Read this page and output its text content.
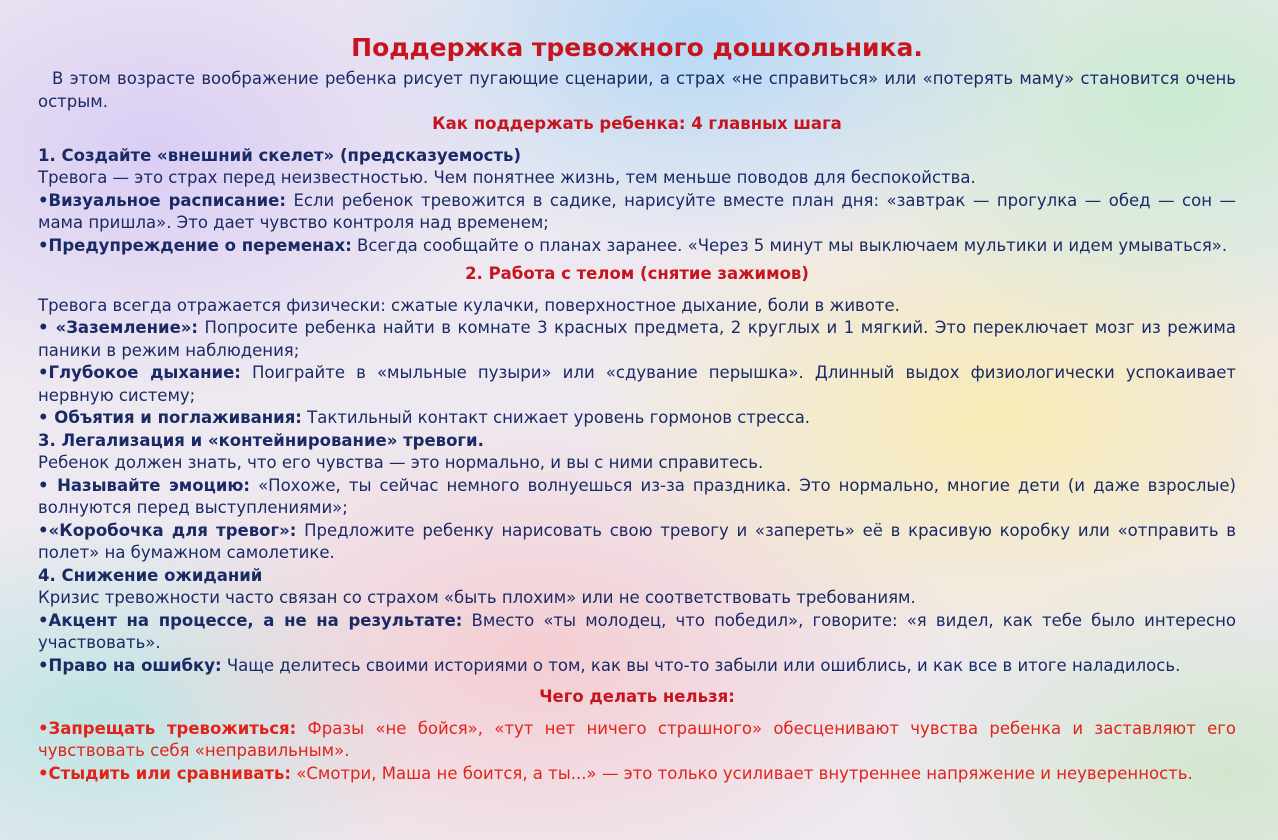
Поддержка тревожного дошкольника.

В этом возрасте воображение ребенка рисует пугающие сценарии, а страх «не справиться» или «потерять маму» становится очень острым.

Как поддержать ребенка: 4 главных шага

1. Создайте «внешний скелет» (предсказуемость)

Тревога — это страх перед неизвестностью. Чем понятнее жизнь, тем меньше поводов для беспокойства.

•Визуальное расписание: Если ребенок тревожится в садике, нарисуйте вместе план дня: «завтрак — прогулка — обед — сон — мама пришла». Это дает чувство контроля над временем;

•Предупреждение о переменах: Всегда сообщайте о планах заранее. «Через 5 минут мы выключаем мультики и идем умываться».

2. Работа с телом (снятие зажимов)

Тревога всегда отражается физически: сжатые кулачки, поверхностное дыхание, боли в животе.

• «Заземление»: Попросите ребенка найти в комнате 3 красных предмета, 2 круглых и 1 мягкий. Это переключает мозг из режима паники в режим наблюдения;

•Глубокое дыхание: Поиграйте в «мыльные пузыри» или «сдувание перышка». Длинный выдох физиологически успокаивает нервную систему;

• Объятия и поглаживания: Тактильный контакт снижает уровень гормонов стресса.

3. Легализация и «контейнирование» тревоги.

Ребенок должен знать, что его чувства — это нормально, и вы с ними справитесь.

• Называйте эмоцию: «Похоже, ты сейчас немного волнуешься из-за праздника. Это нормально, многие дети (и даже взрослые) волнуются перед выступлениями»;

•«Коробочка для тревог»: Предложите ребенку нарисовать свою тревогу и «запереть» её в красивую коробку или «отправить в полет» на бумажном самолетике.

4. Снижение ожиданий

Кризис тревожности часто связан со страхом «быть плохим» или не соответствовать требованиям.

•Акцент на процессе, а не на результате: Вместо «ты молодец, что победил», говорите: «я видел, как тебе было интересно участвовать».

•Право на ошибку: Чаще делитесь своими историями о том, как вы что-то забыли или ошиблись, и как все в итоге наладилось.

Чего делать нельзя:

•Запрещать тревожиться: Фразы «не бойся», «тут нет ничего страшного» обесценивают чувства ребенка и заставляют его чувствовать себя «неправильным».

•Стыдить или сравнивать: «Смотри, Маша не боится, а ты...» — это только усиливает внутреннее напряжение и неуверенность.
